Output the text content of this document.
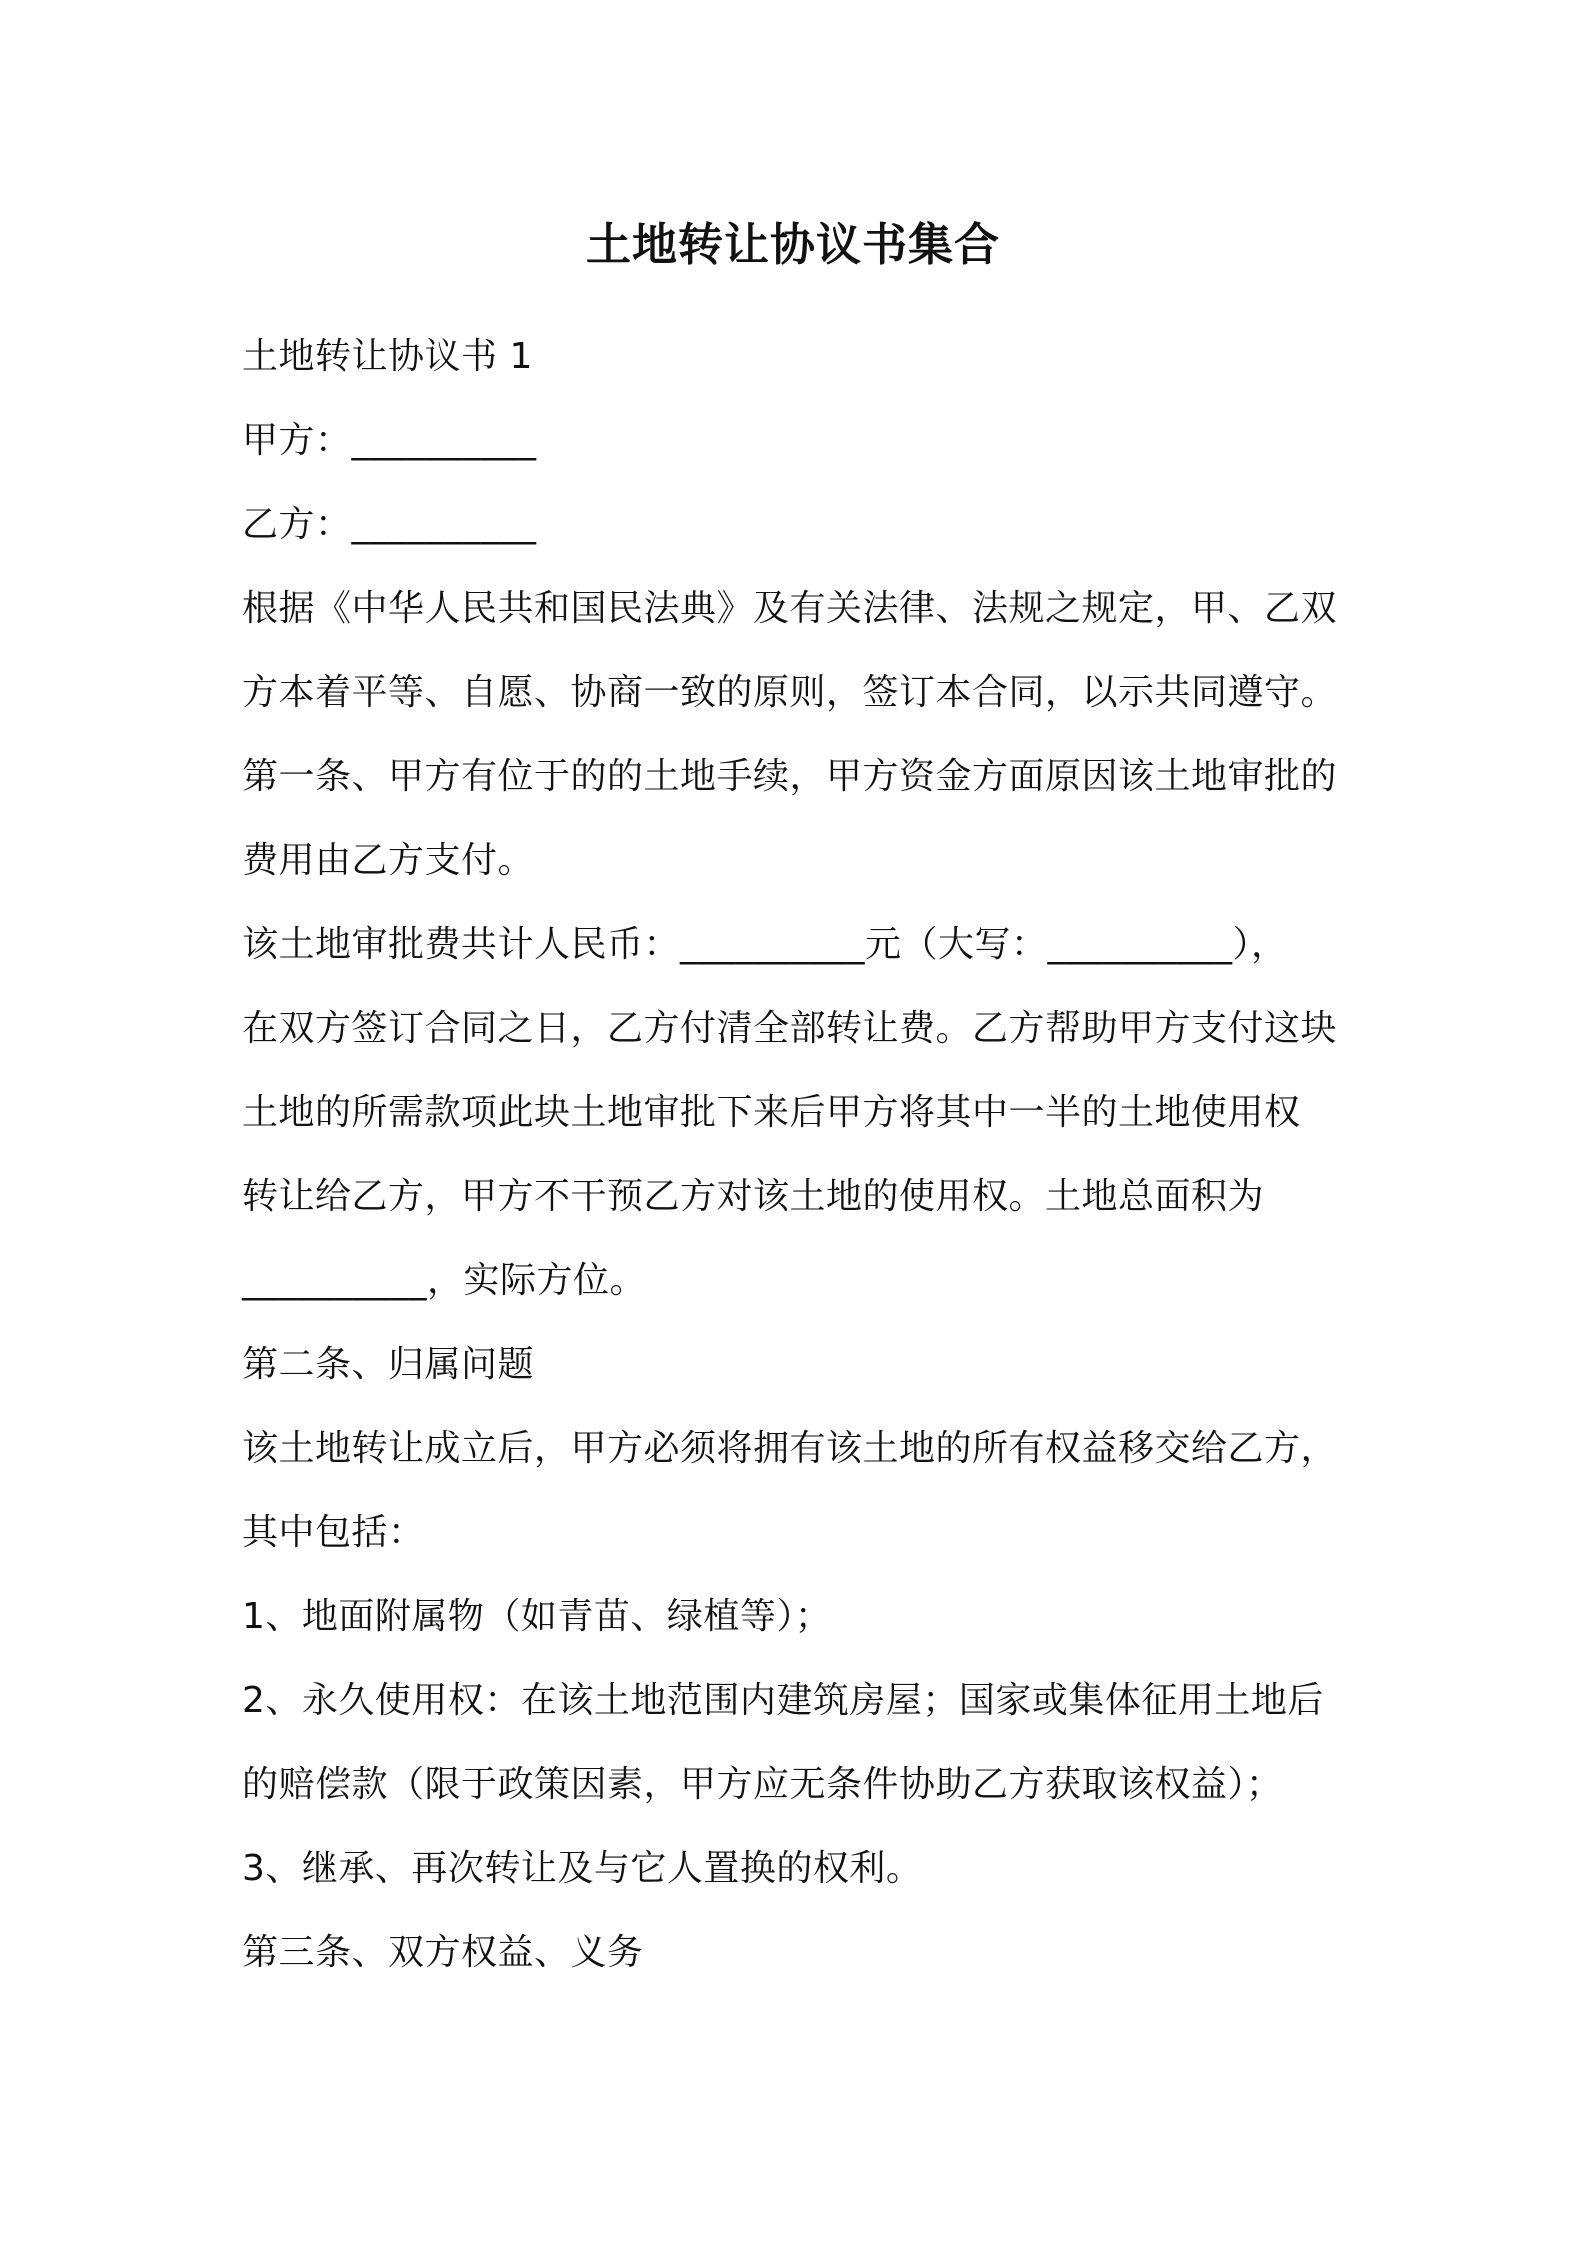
土地转让协议书集合

土地转让协议书 1

甲方：__________

乙方：__________

根据《中华人民共和国民法典》及有关法律、法规之规定，甲、乙双

方本着平等、自愿、协商一致的原则，签订本合同，以示共同遵守。

第一条、甲方有位于的的土地手续，甲方资金方面原因该土地审批的

费用由乙方支付。

该土地审批费共计人民币：__________元（大写：__________），

在双方签订合同之日，乙方付清全部转让费。乙方帮助甲方支付这块

土地的所需款项此块土地审批下来后甲方将其中一半的土地使用权

转让给乙方，甲方不干预乙方对该土地的使用权。土地总面积为

__________，实际方位。

第二条、归属问题

该土地转让成立后，甲方必须将拥有该土地的所有权益移交给乙方，

其中包括：

1、地面附属物（如青苗、绿植等）；

2、永久使用权：在该土地范围内建筑房屋；国家或集体征用土地后

的赔偿款（限于政策因素，甲方应无条件协助乙方获取该权益）；

3、继承、再次转让及与它人置换的权利。

第三条、双方权益、义务
